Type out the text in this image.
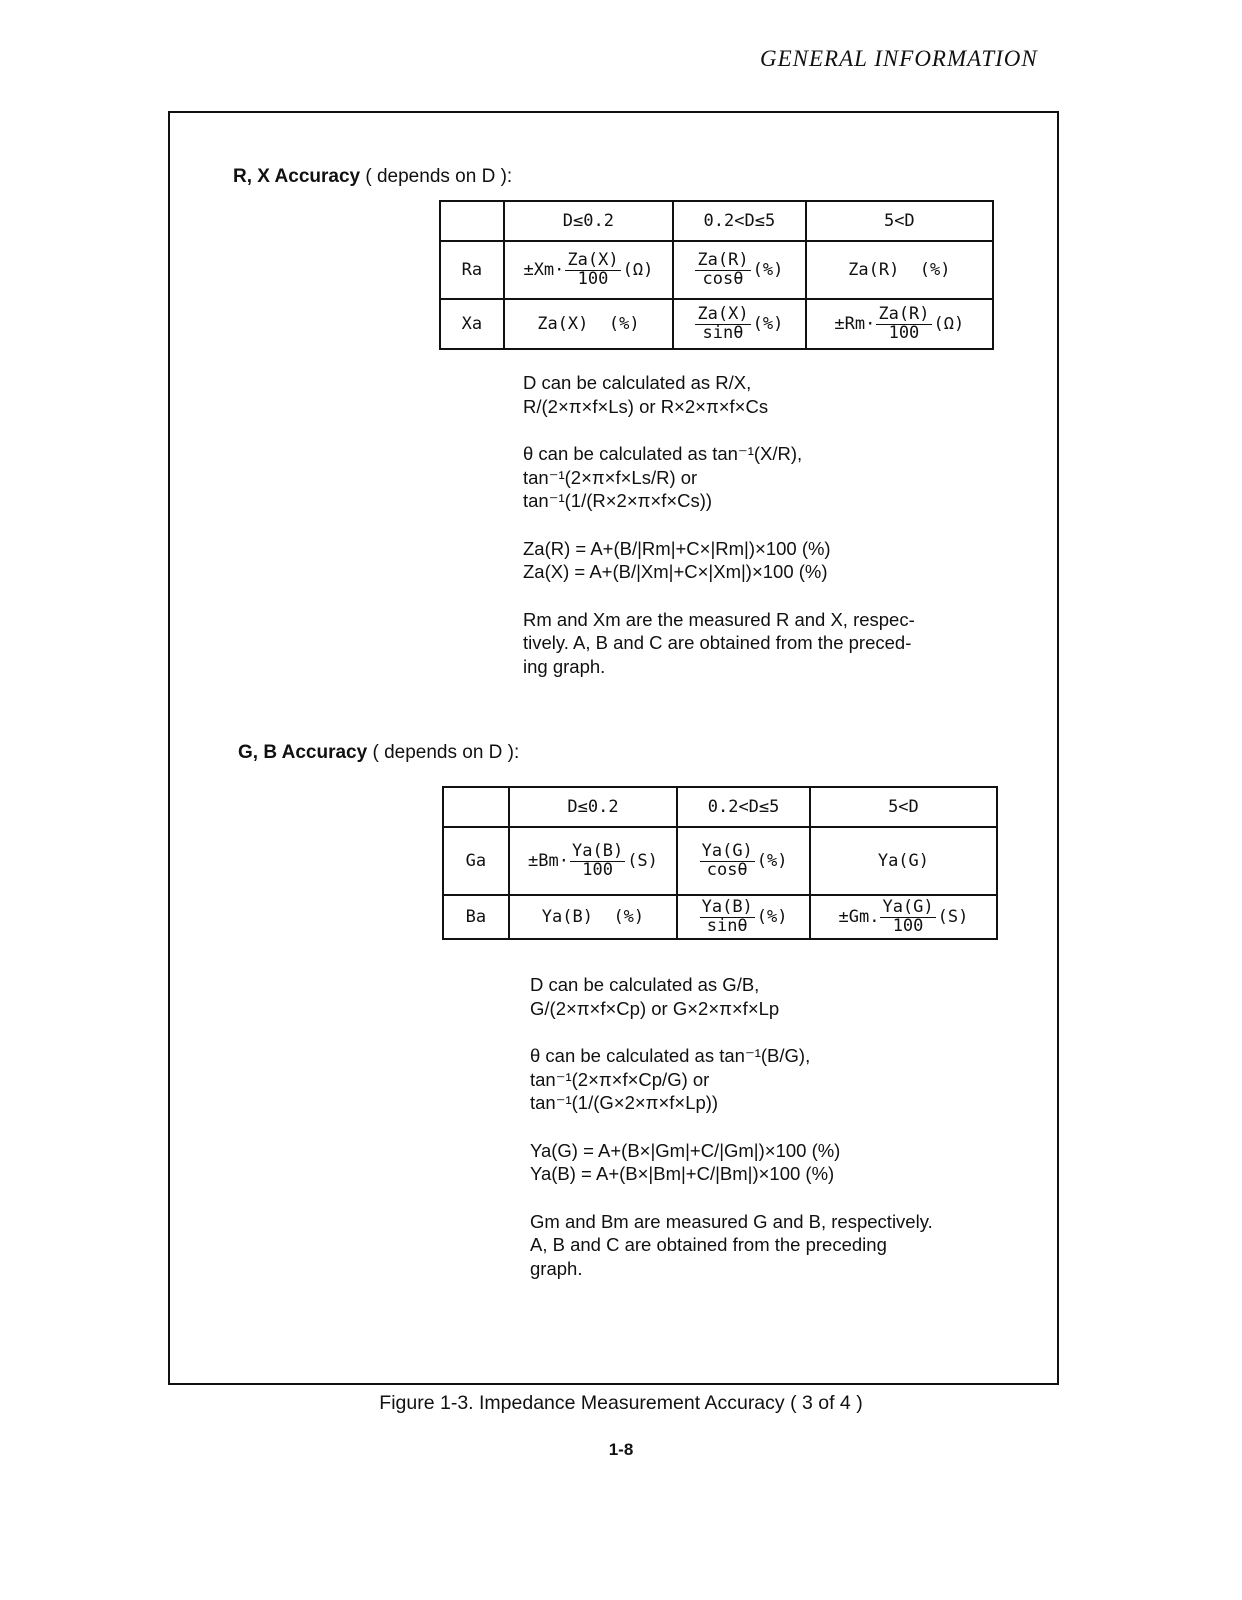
GENERAL INFORMATION
R, X Accuracy ( depends on D ):
	D≤0.2	0.2<D≤5	5<D
Ra	$\pm Xm\cdot \frac{Za(X)}{100} (\Omega)$	$\frac{Za(R)}{\cos\theta}$ (%)	Za(R)  (%)
Xa	Za(X)  (%)	$\frac{Za(X)}{\sin\theta}$ (%)	$\pm Rm\cdot \frac{Za(R)}{100} (\Omega)$

D can be calculated as R/X,
R/(2×π×f×Ls) or R×2×π×f×Cs

θ can be calculated as tan⁻¹(X/R),
tan⁻¹(2×π×f×Ls/R) or
tan⁻¹(1/(R×2×π×f×Cs))

Za(R) = A+(B/|Rm|+C×|Rm|)×100 (%)
Za(X) = A+(B/|Xm|+C×|Xm|)×100 (%)

Rm and Xm are the measured R and X, respec-
tively. A, B and C are obtained from the preced-
ing graph.

G, B Accuracy ( depends on D ):
	D≤0.2	0.2<D≤5	5<D
Ga	$\pm Bm\cdot \frac{Ya(B)}{100} (S)$	$\frac{Ya(G)}{\cos\theta}$ (%)	Ya(G)
Ba	Ya(B)  (%)	$\frac{Ya(B)}{\sin\theta}$ (%)	±Gm. $\frac{Ya(G)}{100} (S)$

D can be calculated as G/B,
G/(2×π×f×Cp) or G×2×π×f×Lp

θ can be calculated as tan⁻¹(B/G),
tan⁻¹(2×π×f×Cp/G) or
tan⁻¹(1/(G×2×π×f×Lp))

Ya(G) = A+(B×|Gm|+C/|Gm|)×100 (%)
Ya(B) = A+(B×|Bm|+C/|Bm|)×100 (%)

Gm and Bm are measured G and B, respectively.
A, B and C are obtained from the preceding
graph.

Figure 1-3. Impedance Measurement Accuracy ( 3 of 4 )
1-8
